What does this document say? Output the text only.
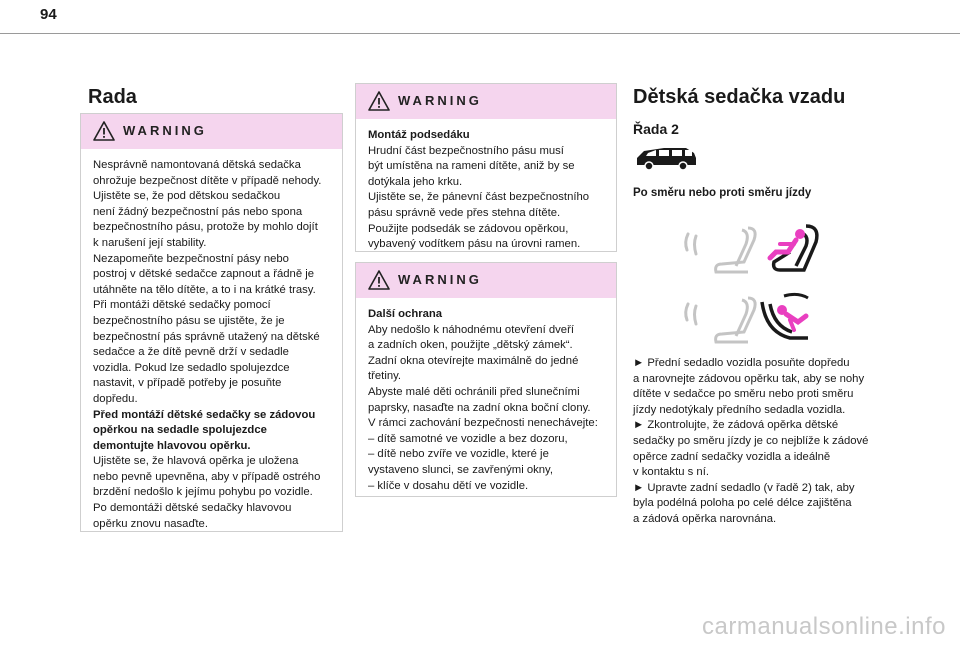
94
Rada
WARNING

Nesprávně namontovaná dětská sedačka

ohrožuje bezpečnost dítěte v případě nehody.

Ujistěte se, že pod dětskou sedačkou

není žádný bezpečnostní pás nebo spona

bezpečnostního pásu, protože by mohlo dojít

k narušení její stability.

Nezapomeňte bezpečnostní pásy nebo

postroj v dětské sedačce zapnout a řádně je

utáhněte na tělo dítěte, a to i na krátké trasy.

Při montáži dětské sedačky pomocí

bezpečnostního pásu se ujistěte, že je

bezpečnostní pás správně utažený na dětské

sedačce a že dítě pevně drží v sedadle

vozidla. Pokud lze sedadlo spolujezdce

nastavit, v případě potřeby je posuňte

dopředu.

Před montáží dětské sedačky se zádovou

opěrkou na sedadle spolujezdce

demontujte hlavovou opěrku.

Ujistěte se, že hlavová opěrka je uložena

nebo pevně upevněna, aby v případě ostrého

brzdění nedošlo k jejímu pohybu po vozidle.

Po demontáži dětské sedačky hlavovou

opěrku znovu nasaďte.

WARNING

Montáž podsedáku

Hrudní část bezpečnostního pásu musí

být umístěna na rameni dítěte, aniž by se

dotýkala jeho krku.

Ujistěte se, že pánevní část bezpečnostního

pásu správně vede přes stehna dítěte.

Použijte podsedák se zádovou opěrkou,

vybavený vodítkem pásu na úrovni ramen.

WARNING

Další ochrana

Aby nedošlo k náhodnému otevření dveří

a zadních oken, použijte „dětský zámek“.

Zadní okna otevírejte maximálně do jedné

třetiny.

Abyste malé děti ochránili před slunečními

paprsky, nasaďte na zadní okna boční clony.

V rámci zachování bezpečnosti nenechávejte:

– dítě samotné ve vozidle a bez dozoru,

– dítě nebo zvíře ve vozidle, které je

vystaveno slunci, se zavřenými okny,

– klíče v dosahu dětí ve vozidle.

Dětská sedačka vzadu
Řada 2
Po směru nebo proti směru jízdy

► Přední sedadlo vozidla posuňte dopředu

a narovnejte zádovou opěrku tak, aby se nohy

dítěte v sedačce po směru nebo proti směru

jízdy nedotýkaly předního sedadla vozidla.

► Zkontrolujte, že zádová opěrka dětské

sedačky po směru jízdy je co nejblíže k zádové

opěrce zadní sedačky vozidla a ideálně

v kontaktu s ní.

► Upravte zadní sedadlo (v řadě 2) tak, aby

byla podélná poloha po celé délce zajištěna

a zádová opěrka narovnána.

carmanualsonline.info
